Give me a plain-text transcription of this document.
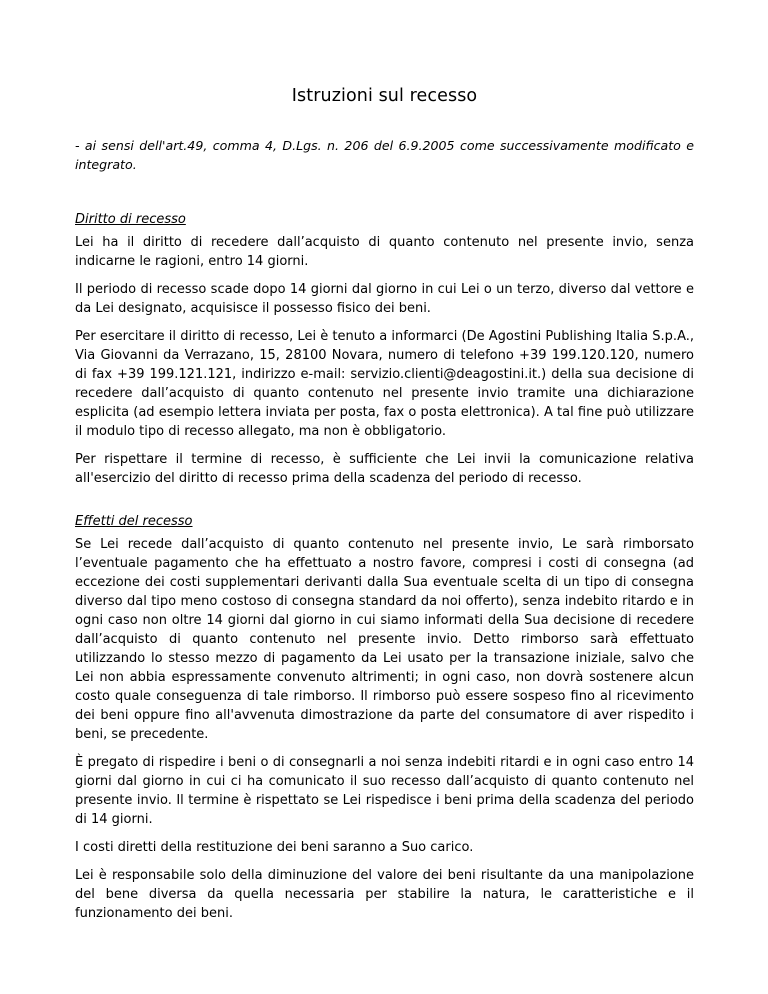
Istruzioni sul recesso

- ai sensi dell'art.49, comma 4, D.Lgs. n. 206 del 6.9.2005 come successivamente modificato e integrato.

Diritto di recesso

Lei ha il diritto di recedere dall’acquisto di quanto contenuto nel presente invio, senza indicarne le ragioni, entro 14 giorni.

Il periodo di recesso scade dopo 14 giorni dal giorno in cui Lei o un terzo, diverso dal vettore e da Lei designato, acquisisce il possesso fisico dei beni.

Per esercitare il diritto di recesso, Lei è tenuto a informarci (De Agostini Publishing Italia S.p.A., Via Giovanni da Verrazano, 15, 28100 Novara, numero di telefono +39 199.120.120, numero di fax +39 199.121.121, indirizzo e-mail: servizio.clienti@deagostini.it.) della sua decisione di recedere dall’acquisto di quanto contenuto nel presente invio tramite una dichiarazione esplicita (ad esempio lettera inviata per posta, fax o posta elettronica). A tal fine può utilizzare il modulo tipo di recesso allegato, ma non è obbligatorio.

Per rispettare il termine di recesso, è sufficiente che Lei invii la comunicazione relativa all'esercizio del diritto di recesso prima della scadenza del periodo di recesso.

Effetti del recesso

Se Lei recede dall’acquisto di quanto contenuto nel presente invio, Le sarà rimborsato l’eventuale pagamento che ha effettuato a nostro favore, compresi i costi di consegna (ad eccezione dei costi supplementari derivanti dalla Sua eventuale scelta di un tipo di consegna diverso dal tipo meno costoso di consegna standard da noi offerto), senza indebito ritardo e in ogni caso non oltre 14 giorni dal giorno in cui siamo informati della Sua decisione di recedere dall’acquisto di quanto contenuto nel presente invio. Detto rimborso sarà effettuato utilizzando lo stesso mezzo di pagamento da Lei usato per la transazione iniziale, salvo che Lei non abbia espressamente convenuto altrimenti; in ogni caso, non dovrà sostenere alcun costo quale conseguenza di tale rimborso. Il rimborso può essere sospeso fino al ricevimento dei beni oppure fino all'avvenuta dimostrazione da parte del consumatore di aver rispedito i beni, se precedente.

È pregato di rispedire i beni o di consegnarli a noi senza indebiti ritardi e in ogni caso entro 14 giorni dal giorno in cui ci ha comunicato il suo recesso dall’acquisto di quanto contenuto nel presente invio. Il termine è rispettato se Lei rispedisce i beni prima della scadenza del periodo di 14 giorni.

I costi diretti della restituzione dei beni saranno a Suo carico.

Lei è responsabile solo della diminuzione del valore dei beni risultante da una manipolazione del bene diversa da quella necessaria per stabilire la natura, le caratteristiche e il funzionamento dei beni.
